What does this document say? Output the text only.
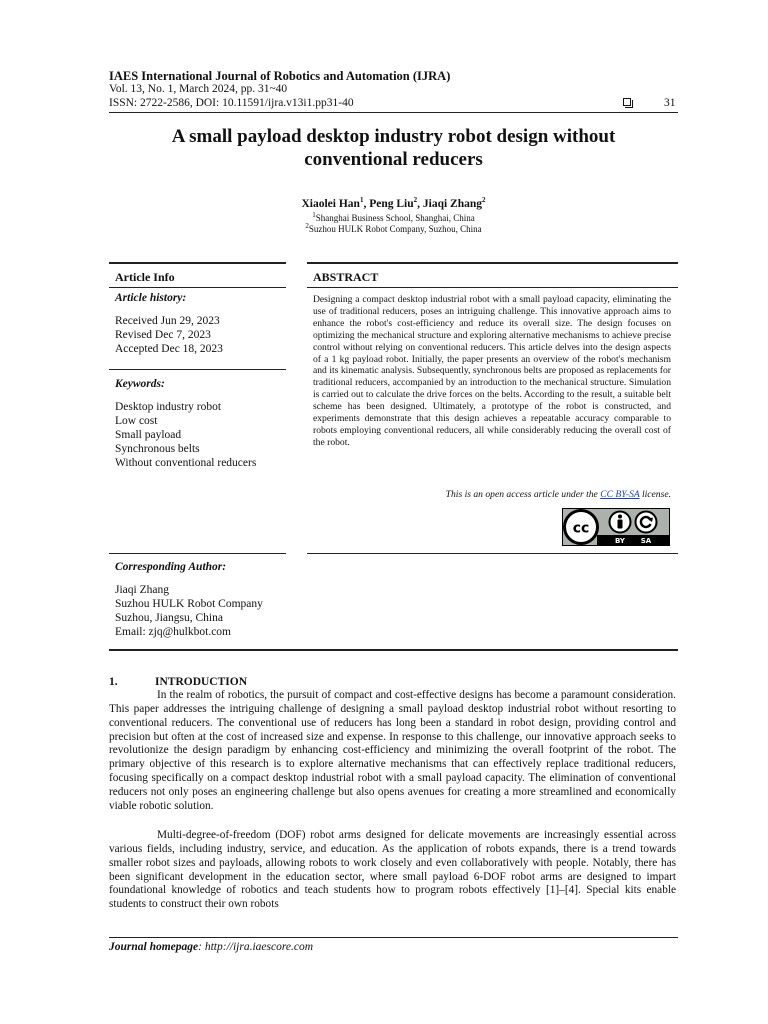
IAES International Journal of Robotics and Automation (IJRA)
Vol. 13, No. 1, March 2024, pp. 31~40
ISSN: 2722-2586, DOI: 10.11591/ijra.v13i1.pp31-40	31
A small payload desktop industry robot design without
conventional reducers
Xiaolei Han$^1$, Peng Liu$^2$, Jiaqi Zhang$^2$
$^1$Shanghai Business School, Shanghai, China
$^2$Suzhou HULK Robot Company, Suzhou, China
Article Info
Article history:
Received Jun 29, 2023
Revised Dec 7, 2023
Accepted Dec 18, 2023
Keywords:
Desktop industry robot
Low cost
Small payload
Synchronous belts
Without conventional reducers
ABSTRACT
Designing a compact desktop industrial robot with a small payload capacity, eliminating the use of traditional reducers, poses an intriguing challenge. This innovative approach aims to enhance the robot's cost-efficiency and reduce its overall size. The design focuses on optimizing the mechanical structure and exploring alternative mechanisms to achieve precise control without relying on conventional reducers. This article delves into the design aspects of a 1 kg payload robot. Initially, the paper presents an overview of the robot's mechanism and its kinematic analysis. Subsequently, synchronous belts are proposed as replacements for traditional reducers, accompanied by an introduction to the mechanical structure. Simulation is carried out to calculate the drive forces on the belts. According to the result, a suitable belt scheme has been designed. Ultimately, a prototype of the robot is constructed, and experiments demonstrate that this design achieves a repeatable accuracy comparable to robots employing conventional reducers, all while considerably reducing the overall cost of the robot.
This is an open access article under the CC BY-SA license.
cc
BY SA
Corresponding Author:
Jiaqi Zhang
Suzhou HULK Robot Company
Suzhou, Jiangsu, China
Email: zjq@hulkbot.com
1.	INTRODUCTION
In the realm of robotics, the pursuit of compact and cost-effective designs has become a paramount consideration. This paper addresses the intriguing challenge of designing a small payload desktop industrial robot without resorting to conventional reducers. The conventional use of reducers has long been a standard in robot design, providing control and precision but often at the cost of increased size and expense. In response to this challenge, our innovative approach seeks to revolutionize the design paradigm by enhancing cost-efficiency and minimizing the overall footprint of the robot. The primary objective of this research is to explore alternative mechanisms that can effectively replace traditional reducers, focusing specifically on a compact desktop industrial robot with a small payload capacity. The elimination of conventional reducers not only poses an engineering challenge but also opens avenues for creating a more streamlined and economically viable robotic solution.
Multi-degree-of-freedom (DOF) robot arms designed for delicate movements are increasingly essential across various fields, including industry, service, and education. As the application of robots expands, there is a trend towards smaller robot sizes and payloads, allowing robots to work closely and even collaboratively with people. Notably, there has been significant development in the education sector, where small payload 6-DOF robot arms are designed to impart foundational knowledge of robotics and teach students how to program robots effectively [1]–[4]. Special kits enable students to construct their own robots
Journal homepage: http://ijra.iaescore.com
